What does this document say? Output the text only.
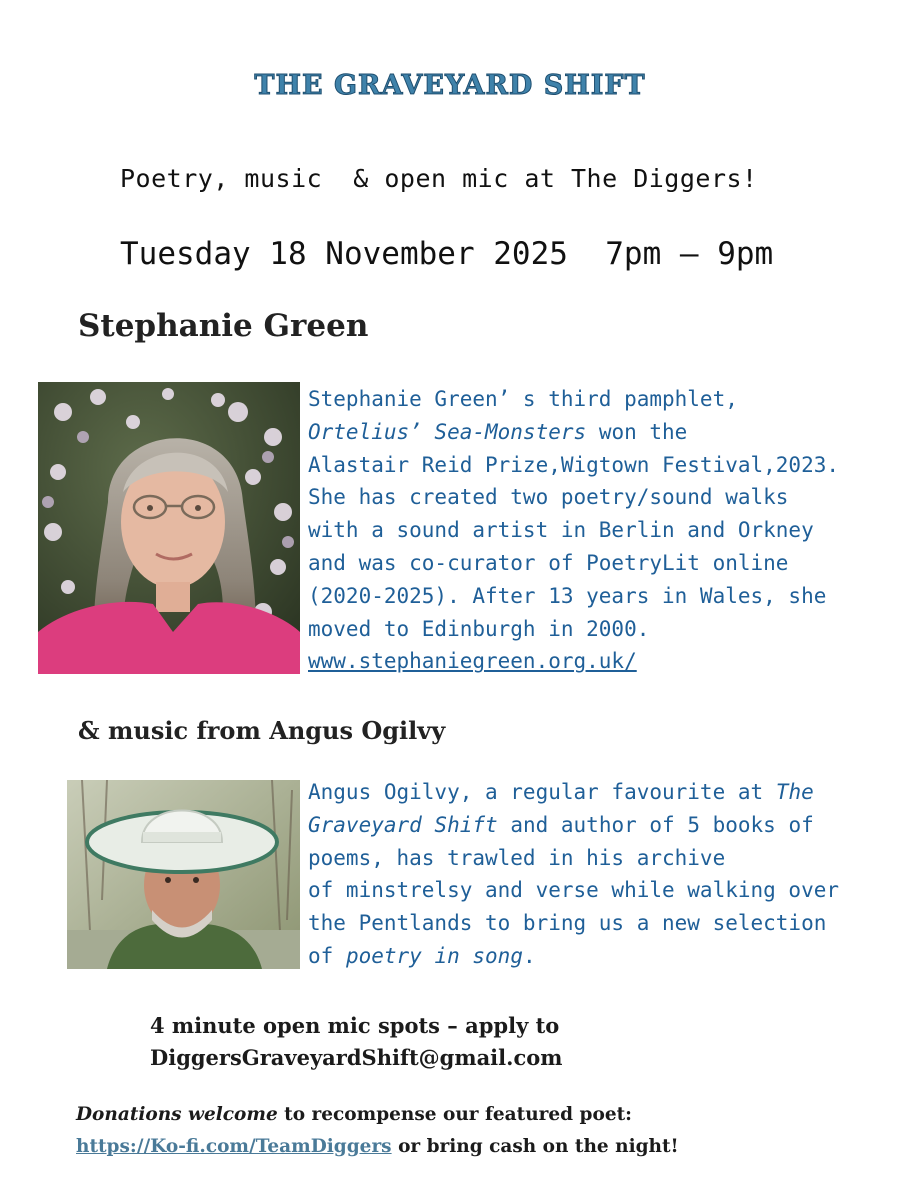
THE GRAVEYARD SHIFT
Poetry, music  & open mic at The Diggers!
Tuesday 18 November 2025  7pm – 9pm
Stephanie Green
Stephanie Green’ s third pamphlet,
Ortelius’ Sea-Monsters won the
Alastair Reid Prize,Wigtown Festival,2023.
She has created two poetry/sound walks
with a sound artist in Berlin and Orkney
and was co-curator of PoetryLit online
(2020-2025). After 13 years in Wales, she
moved to Edinburgh in 2000.
www.stephaniegreen.org.uk/
& music from Angus Ogilvy
Angus Ogilvy, a regular favourite at The
Graveyard Shift and author of 5 books of
poems, has trawled in his archive
of minstrelsy and verse while walking over
the Pentlands to bring us a new selection
of poetry in song.
4 minute open mic spots – apply to
DiggersGraveyardShift@gmail.com
Donations welcome to recompense our featured poet:
https://Ko-fi.com/TeamDiggers or bring cash on the night!
